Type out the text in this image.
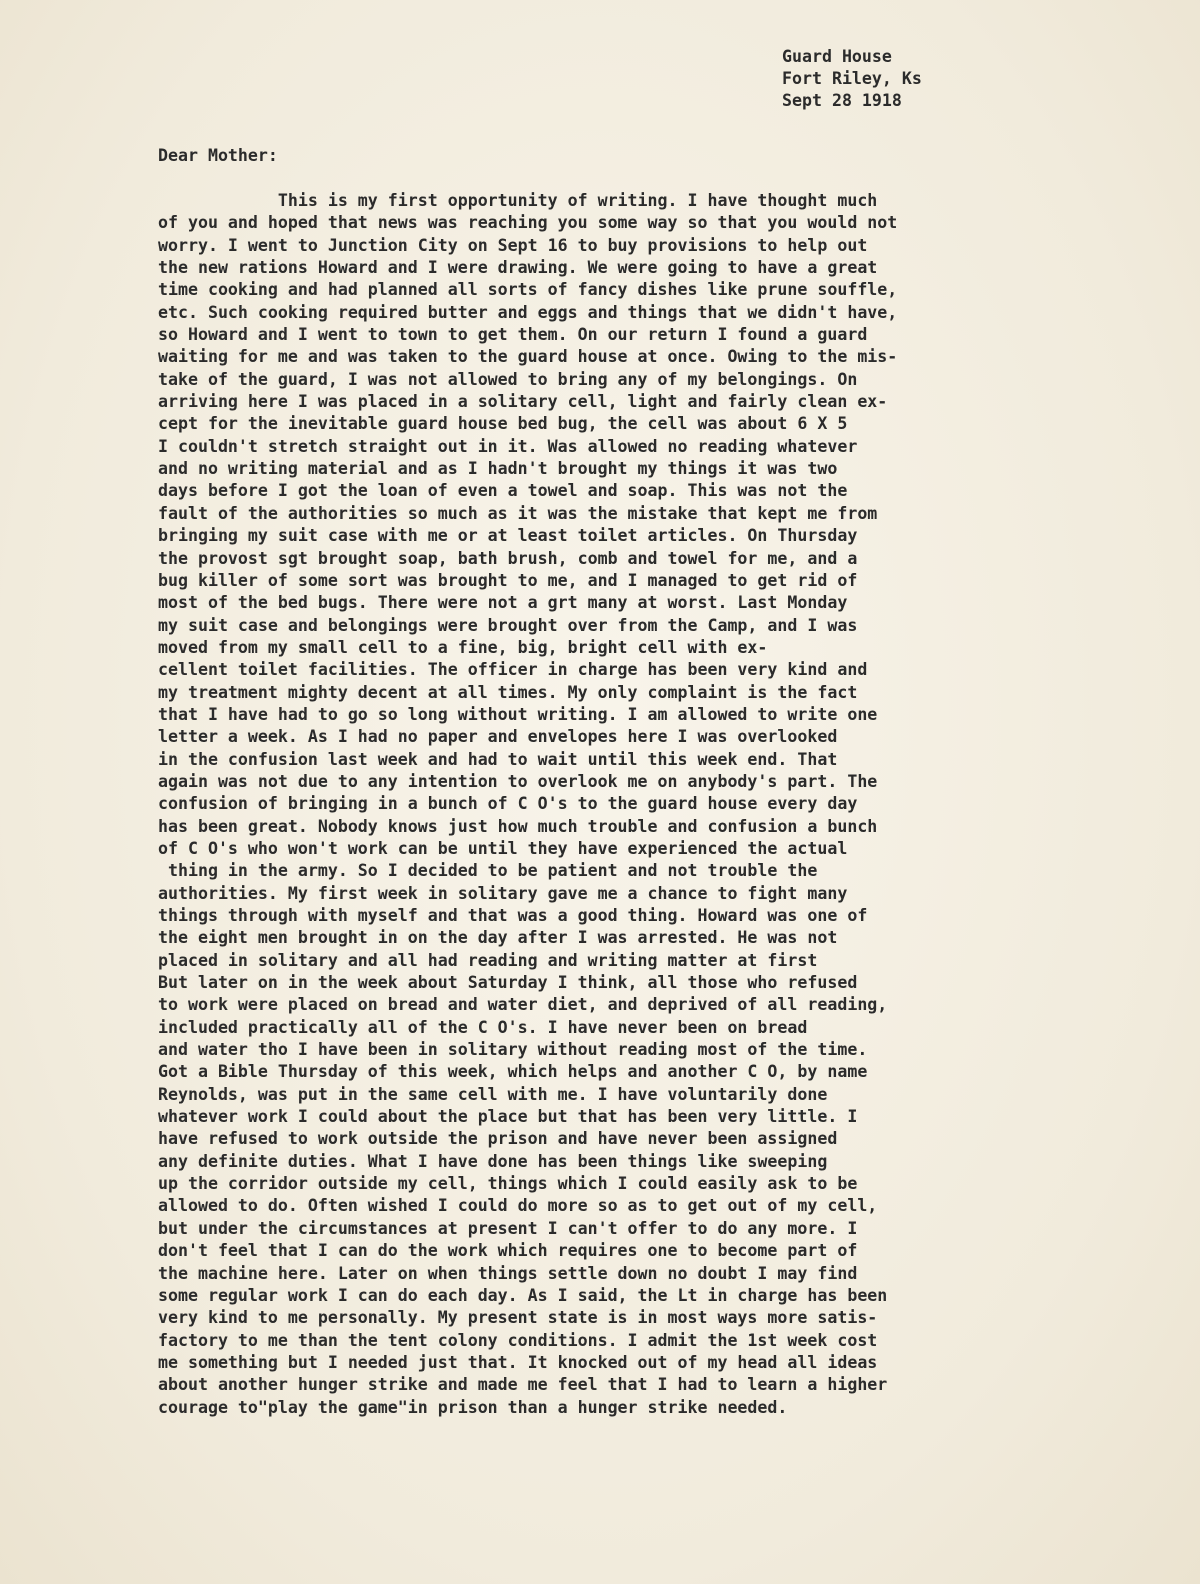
Guard House
Fort Riley, Ks
Sept 28 1918
Dear Mother:
This is my first opportunity of writing. I have thought much
of you and hoped that news was reaching you some way so that you would not
worry. I went to Junction City on Sept 16 to buy provisions to help out
the new rations Howard and I were drawing. We were going to have a great
time cooking and had planned all sorts of fancy dishes like prune souffle,
etc. Such cooking required butter and eggs and things that we didn't have,
so Howard and I went to town to get them. On our return I found a guard
waiting for me and was taken to the guard house at once. Owing to the mis-
take of the guard, I was not allowed to bring any of my belongings. On
arriving here I was placed in a solitary cell, light and fairly clean ex-
cept for the inevitable guard house bed bug, the cell was about 6 X 5
I couldn't stretch straight out in it. Was allowed no reading whatever
and no writing material and as I hadn't brought my things it was two
days before I got the loan of even a towel and soap. This was not the
fault of the authorities so much as it was the mistake that kept me from
bringing my suit case with me or at least toilet articles. On Thursday
the provost sgt brought soap, bath brush, comb and towel for me, and a
bug killer of some sort was brought to me, and I managed to get rid of
most of the bed bugs. There were not a grt many at worst. Last Monday
my suit case and belongings were brought over from the Camp, and I was
moved from my small cell to a fine, big, bright cell with ex-
cellent toilet facilities. The officer in charge has been very kind and
my treatment mighty decent at all times. My only complaint is the fact
that I have had to go so long without writing. I am allowed to write one
letter a week. As I had no paper and envelopes here I was overlooked
in the confusion last week and had to wait until this week end. That
again was not due to any intention to overlook me on anybody's part. The
confusion of bringing in a bunch of C O's to the guard house every day
has been great. Nobody knows just how much trouble and confusion a bunch
of C O's who won't work can be until they have experienced the actual
thing in the army. So I decided to be patient and not trouble the
authorities. My first week in solitary gave me a chance to fight many
things through with myself and that was a good thing. Howard was one of
the eight men brought in on the day after I was arrested. He was not
placed in solitary and all had reading and writing matter at first
But later on in the week about Saturday I think, all those who refused
to work were placed on bread and water diet, and deprived of all reading,
included practically all of the C O's. I have never been on bread
and water tho I have been in solitary without reading most of the time.
Got a Bible Thursday of this week, which helps and another C O, by name
Reynolds, was put in the same cell with me. I have voluntarily done
whatever work I could about the place but that has been very little. I
have refused to work outside the prison and have never been assigned
any definite duties. What I have done has been things like sweeping
up the corridor outside my cell, things which I could easily ask to be
allowed to do. Often wished I could do more so as to get out of my cell,
but under the circumstances at present I can't offer to do any more. I
don't feel that I can do the work which requires one to become part of
the machine here. Later on when things settle down no doubt I may find
some regular work I can do each day. As I said, the Lt in charge has been
very kind to me personally. My present state is in most ways more satis-
factory to me than the tent colony conditions. I admit the 1st week cost
me something but I needed just that. It knocked out of my head all ideas
about another hunger strike and made me feel that I had to learn a higher
courage to"play the game"in prison than a hunger strike needed.
